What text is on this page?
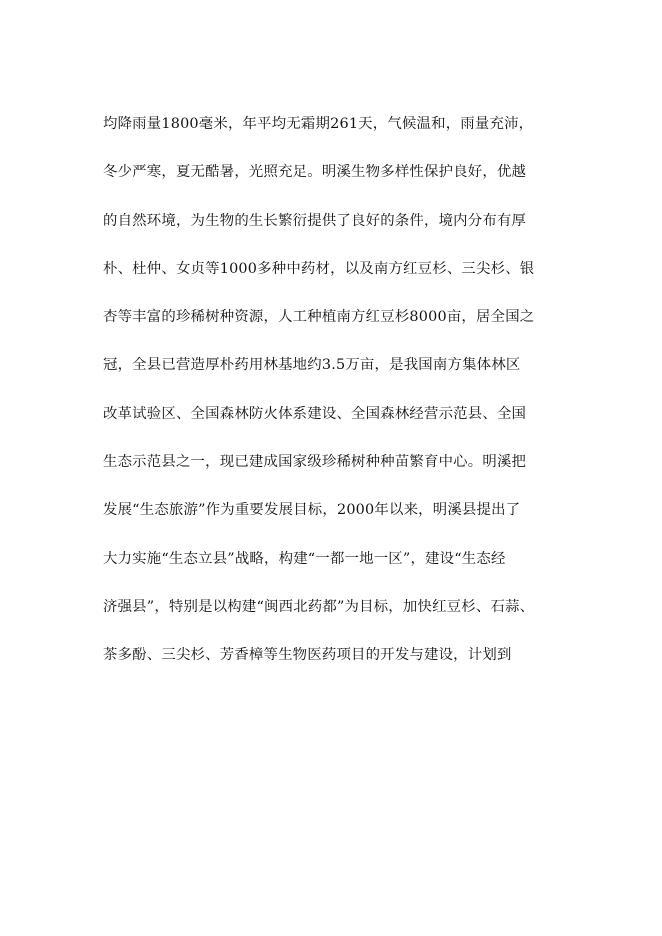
均降雨量1800毫米，年平均无霜期261天，气候温和，雨量充沛，
冬少严寒，夏无酷暑，光照充足。明溪生物多样性保护良好，优越
的自然环境，为生物的生长繁衍提供了良好的条件，境内分布有厚
朴、杜仲、女贞等1000多种中药材，以及南方红豆杉、三尖杉、银
杏等丰富的珍稀树种资源，人工种植南方红豆杉8000亩，居全国之
冠，全县已营造厚朴药用林基地约3.5万亩，是我国南方集体林区
改革试验区、全国森林防火体系建设、全国森林经营示范县、全国
生态示范县之一，现已建成国家级珍稀树种种苗繁育中心。明溪把
发展“生态旅游”作为重要发展目标，2000年以来，明溪县提出了
大力实施“生态立县”战略，构建“一都一地一区”，建设“生态经
济强县”，特别是以构建“闽西北药都”为目标，加快红豆杉、石蒜、
茶多酚、三尖杉、芳香樟等生物医药项目的开发与建设，计划到
